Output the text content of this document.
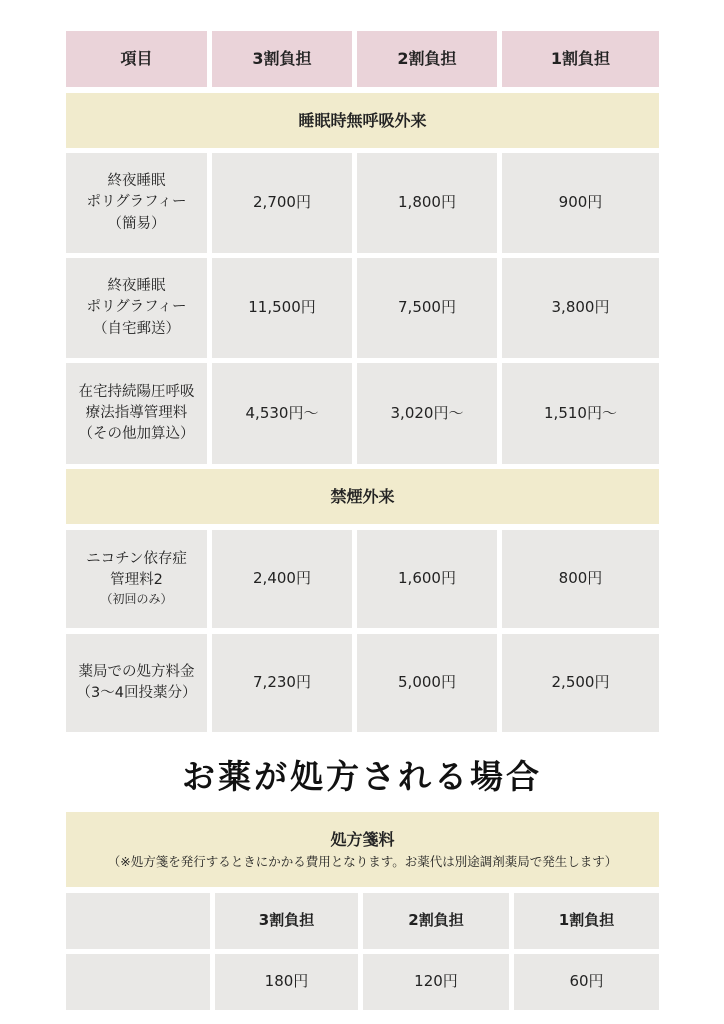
項目	3割負担	2割負担	1割負担
睡眠時無呼吸外来
終夜睡眠
ポリグラフィー
（簡易）
2,700円	1,800円	900円
終夜睡眠
ポリグラフィー
（自宅郵送）
11,500円	7,500円	3,800円
在宅持続陽圧呼吸
療法指導管理料
（その他加算込）
4,530円〜	3,020円〜	1,510円〜
禁煙外来
ニコチン依存症
管理料2
（初回のみ）
2,400円	1,600円	800円
薬局での処方料金
（3〜4回投薬分）
7,230円	5,000円	2,500円
お薬が処方される場合
処方箋料
（※処方箋を発行するときにかかる費用となります。お薬代は別途調剤薬局で発生します）
3割負担	2割負担	1割負担
180円	120円	60円
